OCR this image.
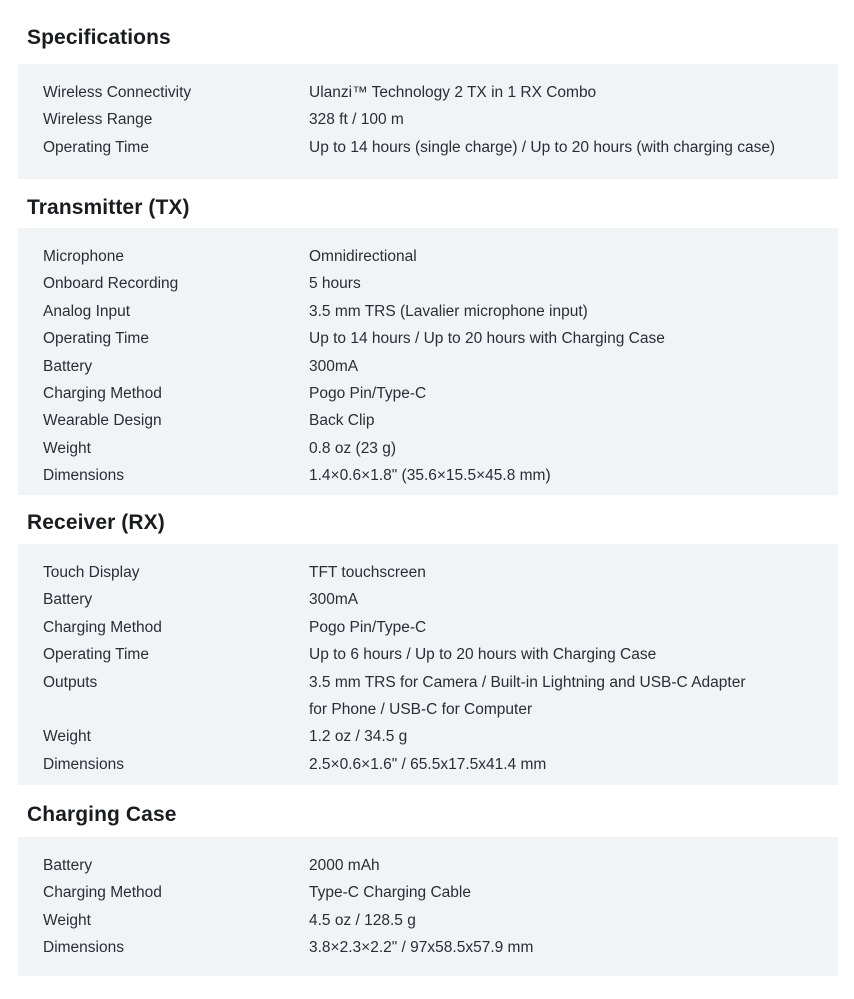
Specifications
Wireless Connectivity	Ulanzi™ Technology 2 TX in 1 RX Combo
Wireless Range	328 ft / 100 m
Operating Time	Up to 14 hours (single charge) / Up to 20 hours (with charging case)
Transmitter (TX)
Microphone	Omnidirectional
Onboard Recording	5 hours
Analog Input	3.5 mm TRS (Lavalier microphone input)
Operating Time	Up to 14 hours / Up to 20 hours with Charging Case
Battery	300mA
Charging Method	Pogo Pin/Type-C
Wearable Design	Back Clip
Weight	0.8 oz (23 g)
Dimensions	1.4×0.6×1.8" (35.6×15.5×45.8 mm)
Receiver (RX)
Touch Display	TFT touchscreen
Battery	300mA
Charging Method	Pogo Pin/Type-C
Operating Time	Up to 6 hours / Up to 20 hours with Charging Case
Outputs	3.5 mm TRS for Camera / Built-in Lightning and USB-C Adapter
for Phone / USB-C for Computer
Weight	1.2 oz / 34.5 g
Dimensions	2.5×0.6×1.6" / 65.5x17.5x41.4 mm
Charging Case
Battery	2000 mAh
Charging Method	Type-C Charging Cable
Weight	4.5 oz / 128.5 g
Dimensions	3.8×2.3×2.2" / 97x58.5x57.9 mm
